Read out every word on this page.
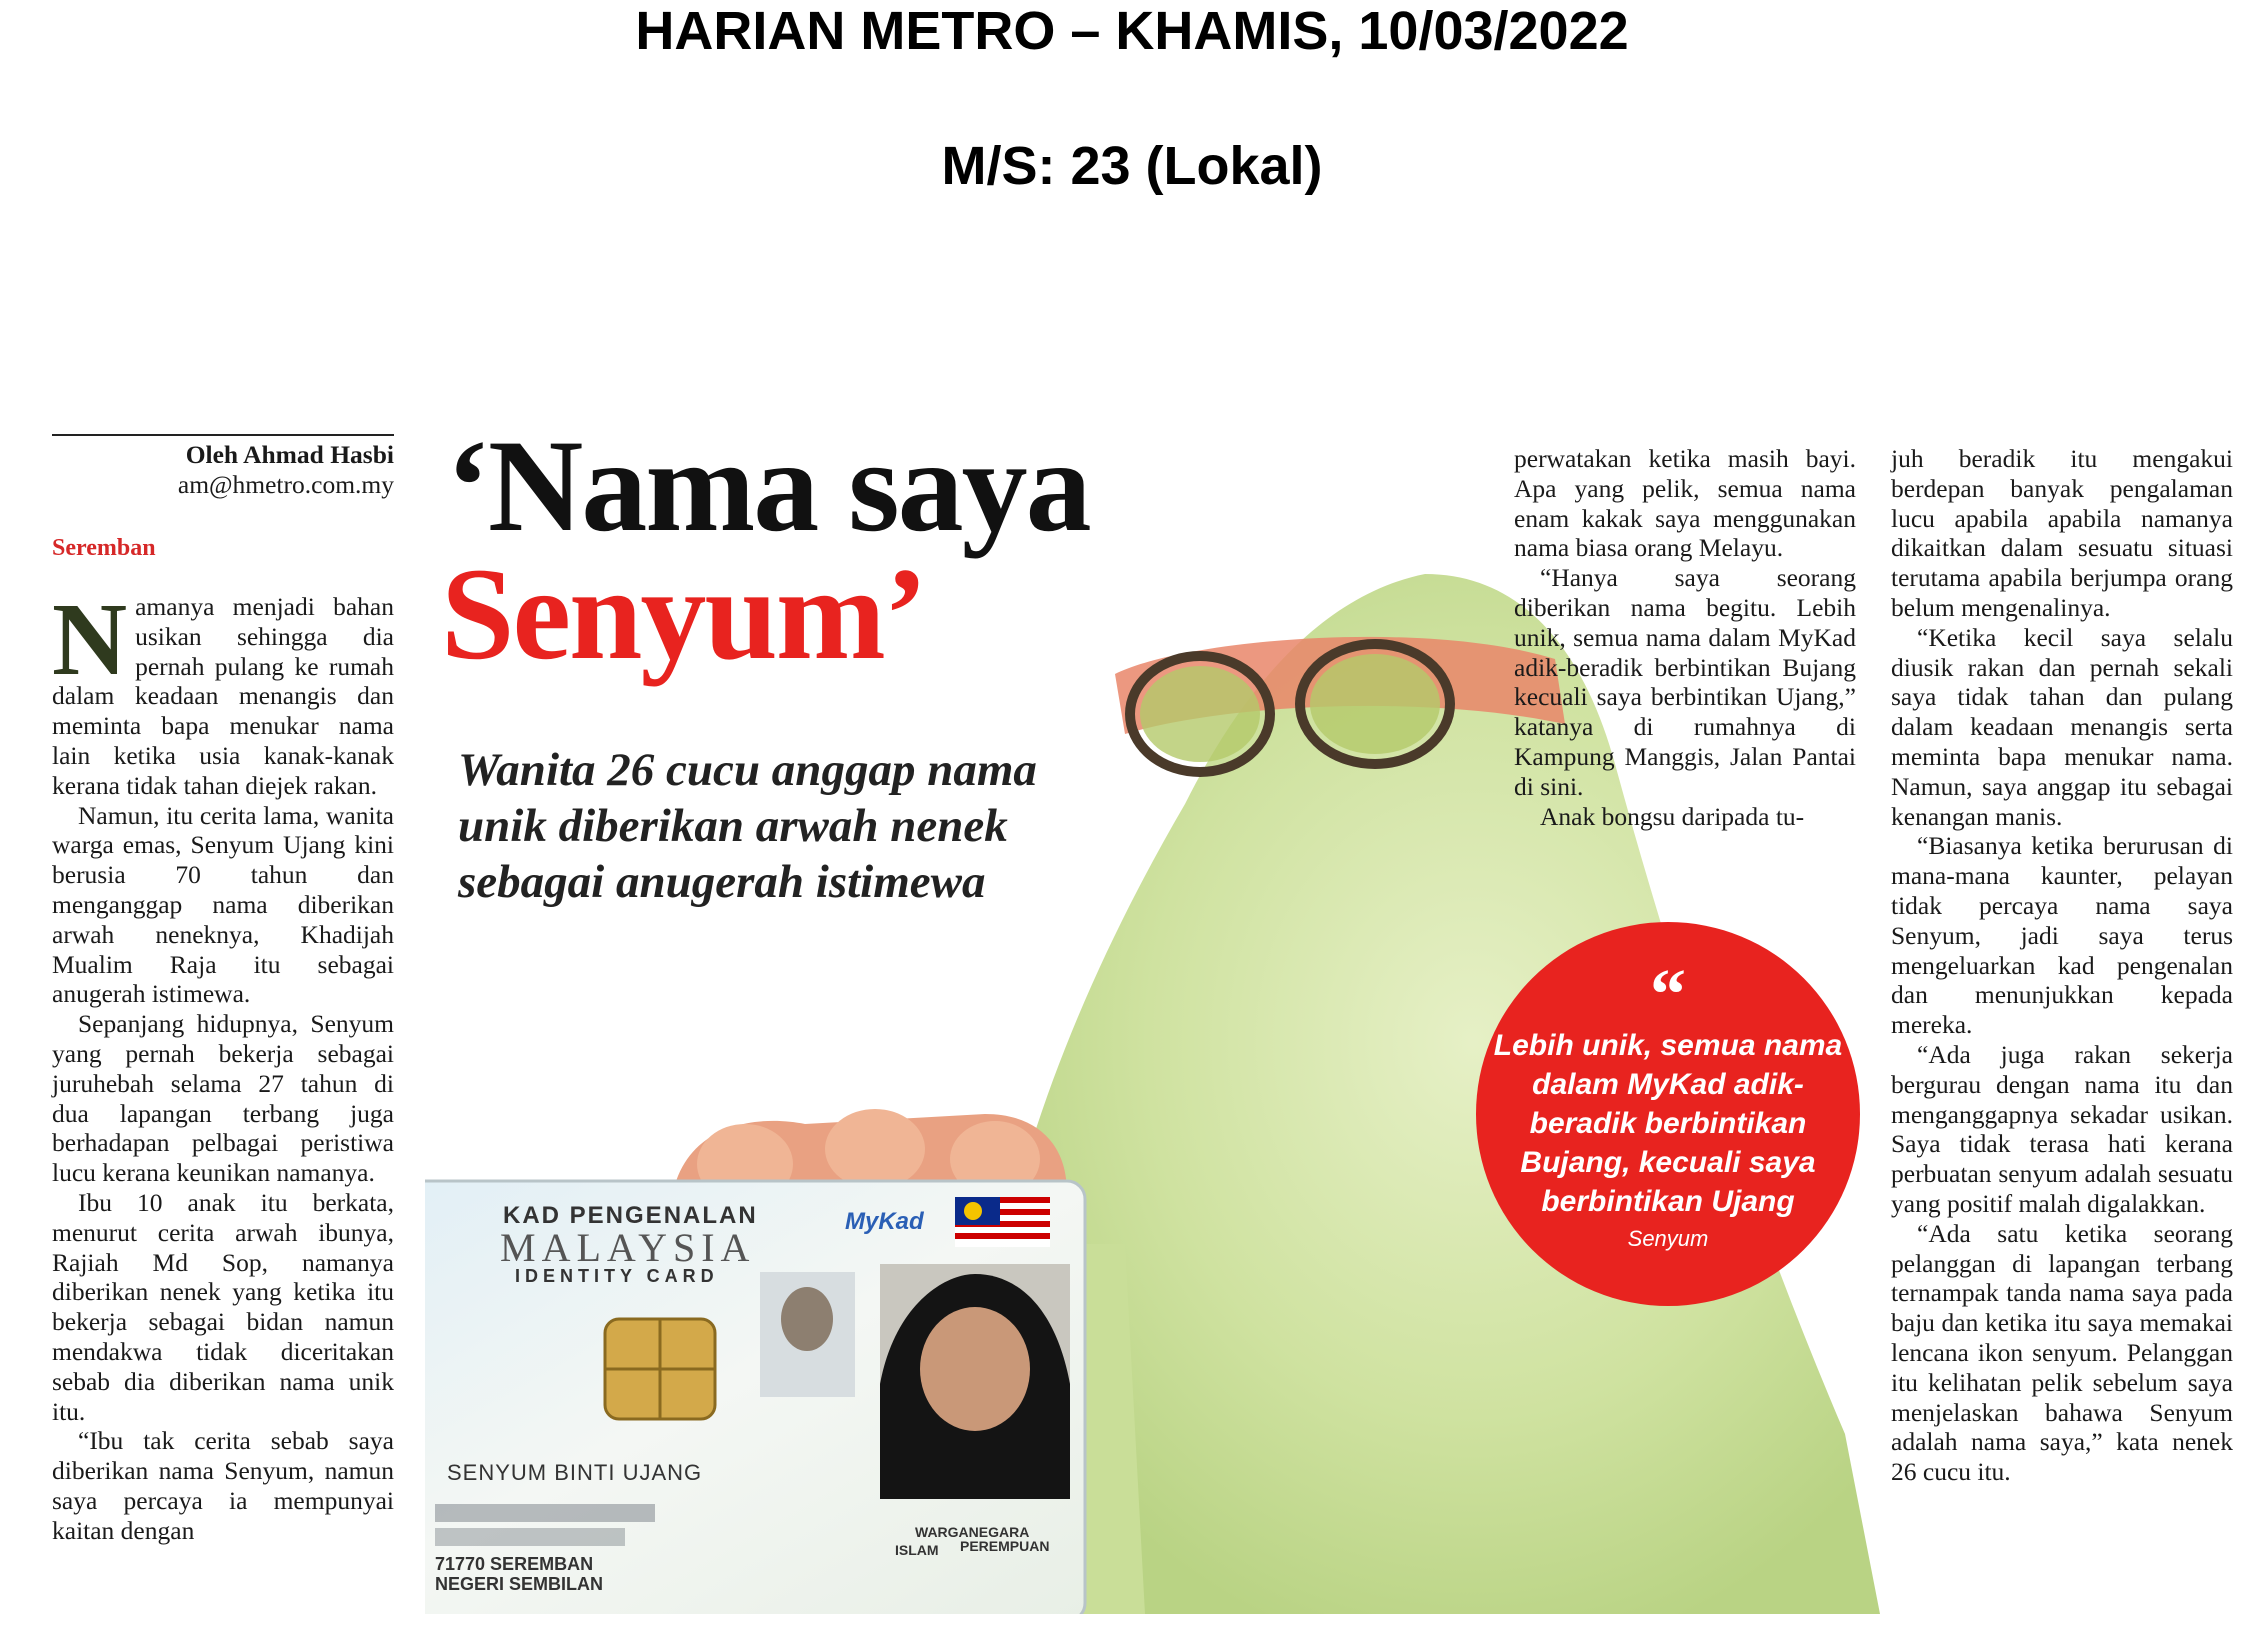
HARIAN METRO – KHAMIS, 10/03/2022
M/S: 23 (Lokal)
KAD PENGENALAN
MALAYSIA
IDENTITY CARD
MyKad
SENYUM BINTI UJANG
71770 SEREMBAN
NEGERI SEMBILAN
WARGANEGARA
ISLAM PEREMPUAN
‘Nama saya
Senyum’
Wanita 26 cucu anggap nama unik diberikan arwah nenek sebagai anugerah istimewa
Oleh Ahmad Hasbi
am@hmetro.com.my
Seremban

Namanya menjadi bahan usikan sehingga dia pernah pulang ke rumah dalam keadaan menangis dan meminta bapa menukar nama lain ketika usia kanak-kanak kerana tidak tahan diejek rakan.

Namun, itu cerita lama, wanita warga emas, Senyum Ujang kini berusia 70 tahun dan menganggap nama diberikan arwah neneknya, Khadijah Mualim Raja itu sebagai anugerah istimewa.

Sepanjang hidupnya, Senyum yang pernah bekerja sebagai juruhebah selama 27 tahun di dua lapangan terbang juga berhadapan pelbagai peristiwa lucu kerana keunikan namanya.

Ibu 10 anak itu berkata, menurut cerita arwah ibunya, Rajiah Md Sop, namanya diberikan nenek yang ketika itu bekerja sebagai bidan namun mendakwa tidak diceritakan sebab dia diberikan nama unik itu.

“Ibu tak cerita sebab saya diberikan nama Senyum, namun saya percaya ia mempunyai kaitan dengan

perwatakan ketika masih bayi. Apa yang pelik, semua nama enam kakak saya menggunakan nama biasa orang Melayu.

“Hanya saya seorang diberikan nama begitu. Lebih unik, semua nama dalam MyKad adik-beradik berbintikan Bujang kecuali saya berbintikan Ujang,” katanya di rumahnya di Kampung Manggis, Jalan Pantai di sini.

Anak bongsu daripada tu-

juh beradik itu mengakui berdepan banyak pengalaman lucu apabila apabila namanya dikaitkan dalam sesuatu situasi terutama apabila berjumpa orang belum mengenalinya.

“Ketika kecil saya selalu diusik rakan dan pernah sekali saya tidak tahan dan pulang dalam keadaan menangis serta meminta bapa menukar nama. Namun, saya anggap itu sebagai kenangan manis.

“Biasanya ketika berurusan di mana-mana kaunter, pelayan tidak percaya nama saya Senyum, jadi saya terus mengeluarkan kad pengenalan dan menunjukkan kepada mereka.

“Ada juga rakan sekerja bergurau dengan nama itu dan menganggapnya sekadar usikan. Saya tidak terasa hati kerana perbuatan senyum adalah sesuatu yang positif malah digalakkan.

“Ada satu ketika seorang pelanggan di lapangan terbang ternampak tanda nama saya pada baju dan ketika itu saya memakai lencana ikon senyum. Pelanggan itu kelihatan pelik sebelum saya menjelaskan bahawa Senyum adalah nama saya,” kata nenek 26 cucu itu.

“
Lebih unik, semua nama dalam MyKad adik-beradik berbintikan Bujang, kecuali saya berbintikan Ujang
Senyum
